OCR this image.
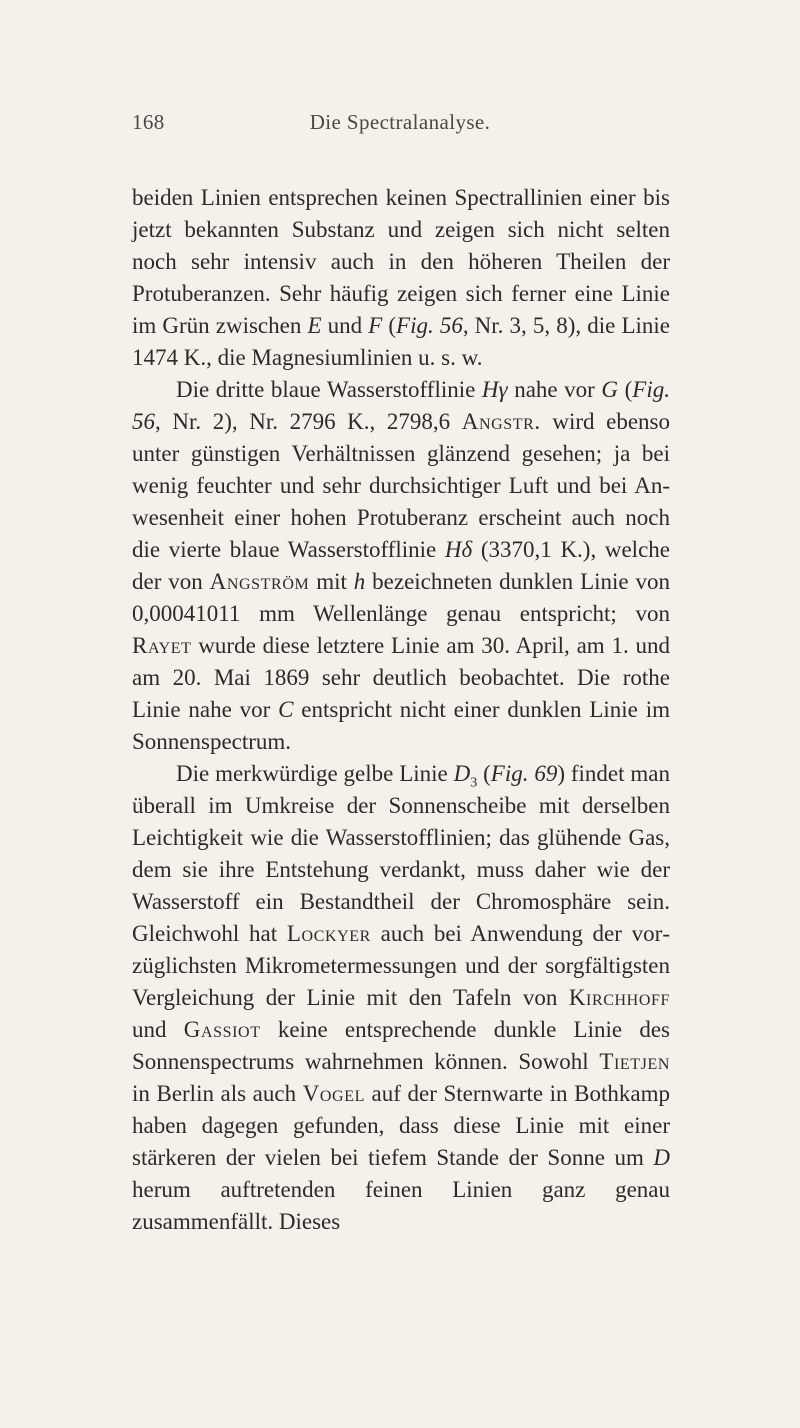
168	Die Spectralanalyse.

beiden Linien entsprechen keinen Spectrallinien einer bis jetzt bekannten Substanz und zeigen sich nicht selten noch sehr intensiv auch in den höheren Theilen der Protuberanzen. Sehr häufig zeigen sich ferner eine Linie im Grün zwischen E und F (Fig. 56, Nr. 3, 5, 8), die Linie 1474 K., die Magnesiumlinien u. s. w.

Die dritte blaue Wasserstofflinie Hγ nahe vor G (Fig. 56, Nr. 2), Nr. 2796 K., 2798,6 Angstr. wird ebenso unter günstigen Verhältnissen glänzend gesehen; ja bei wenig feuchter und sehr durchsichtiger Luft und bei Anwesenheit einer hohen Protuberanz erscheint auch noch die vierte blaue Wasserstofflinie Hδ (3370,1 K.), welche der von Angström mit h bezeichneten dunklen Linie von 0,00041011 mm Wellenlänge genau entspricht; von Rayet wurde diese letztere Linie am 30. April, am 1. und am 20. Mai 1869 sehr deutlich beobachtet. Die rothe Linie nahe vor C entspricht nicht einer dunklen Linie im Sonnenspectrum.

Die merkwürdige gelbe Linie $D_3$ (Fig. 69) findet man überall im Umkreise der Sonnenscheibe mit derselben Leichtigkeit wie die Wasserstofflinien; das glühende Gas, dem sie ihre Entstehung verdankt, muss daher wie der Wasserstoff ein Bestandtheil der Chromosphäre sein. Gleichwohl hat Lockyer auch bei Anwendung der vorzüglichsten Mikrometermessungen und der sorgfältigsten Vergleichung der Linie mit den Tafeln von Kirchhoff und Gassiot keine entsprechende dunkle Linie des Sonnenspectrums wahrnehmen können. Sowohl Tietjen in Berlin als auch Vogel auf der Sternwarte in Bothkamp haben dagegen gefunden, dass diese Linie mit einer stärkeren der vielen bei tiefem Stande der Sonne um D herum auftretenden feinen Linien ganz genau zusammenfällt. Dieses
